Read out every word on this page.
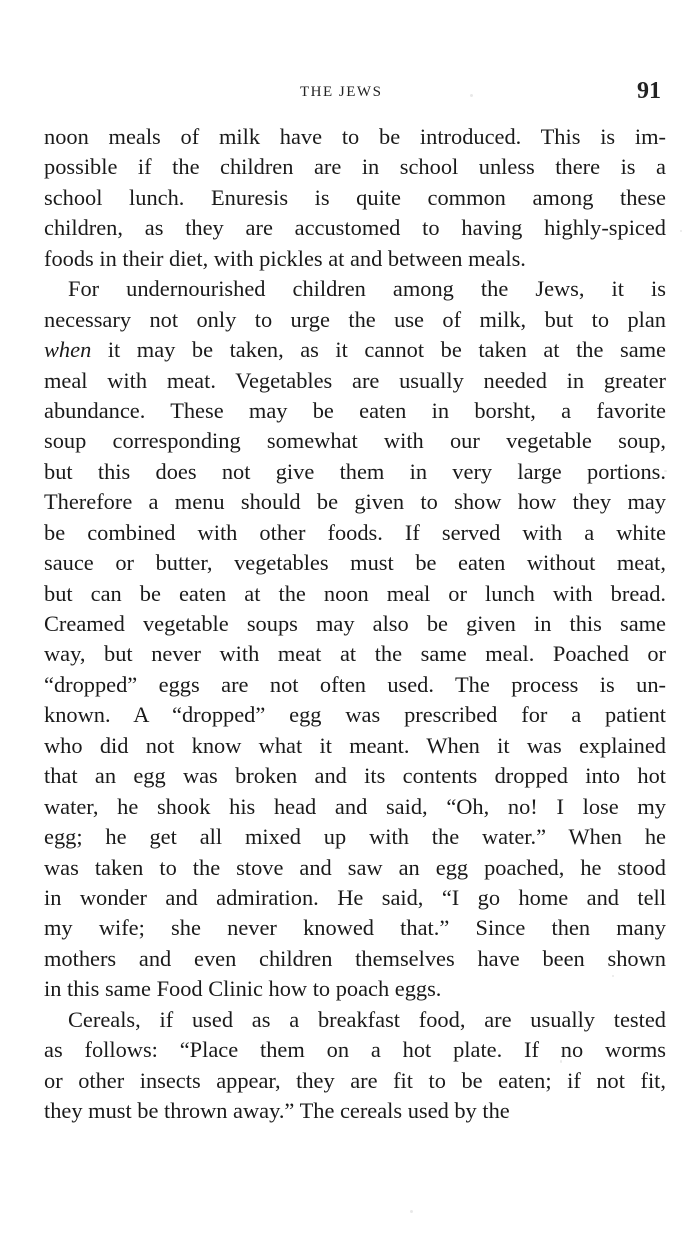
THE JEWS	91
noon meals of milk have to be introduced. This is im-
possible if the children are in school unless there is a
school lunch. Enuresis is quite common among these
children, as they are accustomed to having highly-spiced
foods in their diet, with pickles at and between meals.
For undernourished children among the Jews, it is
necessary not only to urge the use of milk, but to plan
when it may be taken, as it cannot be taken at the same
meal with meat. Vegetables are usually needed in greater
abundance. These may be eaten in borsht, a favorite
soup corresponding somewhat with our vegetable soup,
but this does not give them in very large portions.
Therefore a menu should be given to show how they may
be combined with other foods. If served with a white
sauce or butter, vegetables must be eaten without meat,
but can be eaten at the noon meal or lunch with bread.
Creamed vegetable soups may also be given in this same
way, but never with meat at the same meal. Poached or
“dropped” eggs are not often used. The process is un-
known. A “dropped” egg was prescribed for a patient
who did not know what it meant. When it was explained
that an egg was broken and its contents dropped into hot
water, he shook his head and said, “Oh, no! I lose my
egg; he get all mixed up with the water.” When he
was taken to the stove and saw an egg poached, he stood
in wonder and admiration. He said, “I go home and tell
my wife; she never knowed that.” Since then many
mothers and even children themselves have been shown
in this same Food Clinic how to poach eggs.
Cereals, if used as a breakfast food, are usually tested
as follows: “Place them on a hot plate. If no worms
or other insects appear, they are fit to be eaten; if not fit,
they must be thrown away.” The cereals used by the
